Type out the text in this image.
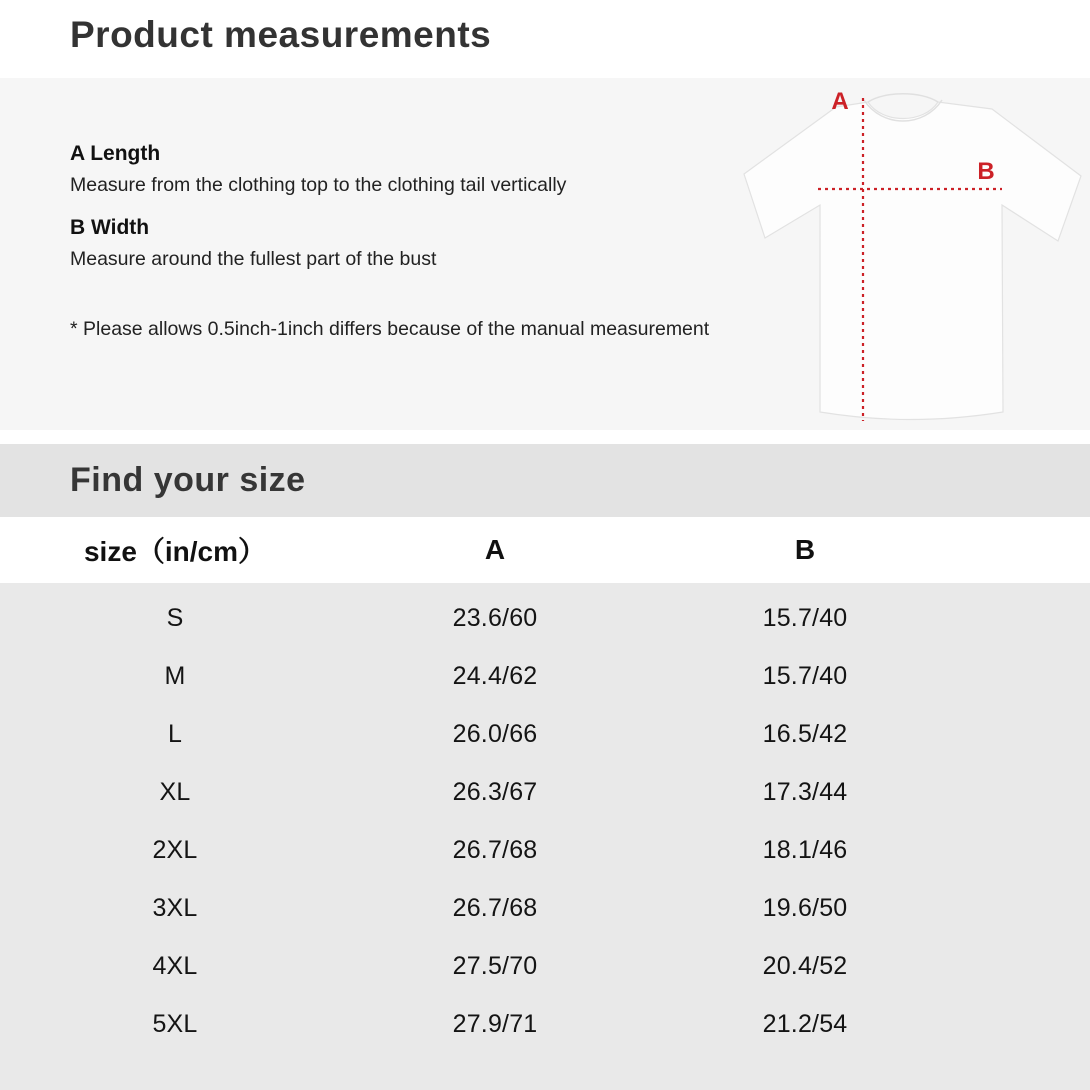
Product measurements
A Length
Measure from the clothing top to the clothing tail vertically
B Width
Measure around the fullest part of the bust
* Please allows 0.5inch-1inch differs because of the manual measurement
A
B
Find your size
size（in/cm）	A	B
S	23.6/60	15.7/40
M	24.4/62	15.7/40
L	26.0/66	16.5/42
XL	26.3/67	17.3/44
2XL	26.7/68	18.1/46
3XL	26.7/68	19.6/50
4XL	27.5/70	20.4/52
5XL	27.9/71	21.2/54
